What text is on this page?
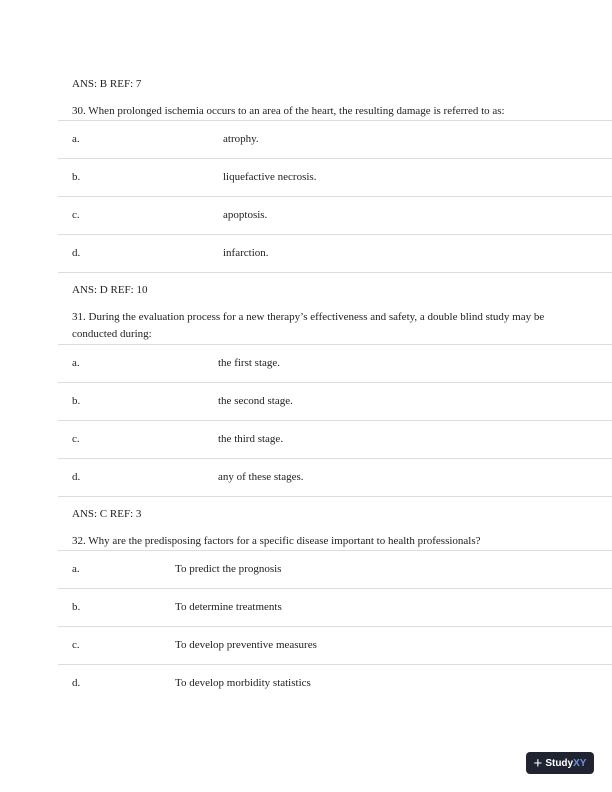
ANS: B REF: 7
30. When prolonged ischemia occurs to an area of the heart, the resulting damage is referred to as:
a.	atrophy.
b.	liquefactive necrosis.
c.	apoptosis.
d.	infarction.
ANS: D REF: 10
31. During the evaluation process for a new therapy’s effectiveness and safety, a double blind study may be conducted during:
a.	the first stage.
b.	the second stage.
c.	the third stage.
d.	any of these stages.
ANS: C REF: 3
32. Why are the predisposing factors for a specific disease important to health professionals?
a.	To predict the prognosis
b.	To determine treatments
c.	To develop preventive measures
d.	To develop morbidity statistics
+ Study XY
